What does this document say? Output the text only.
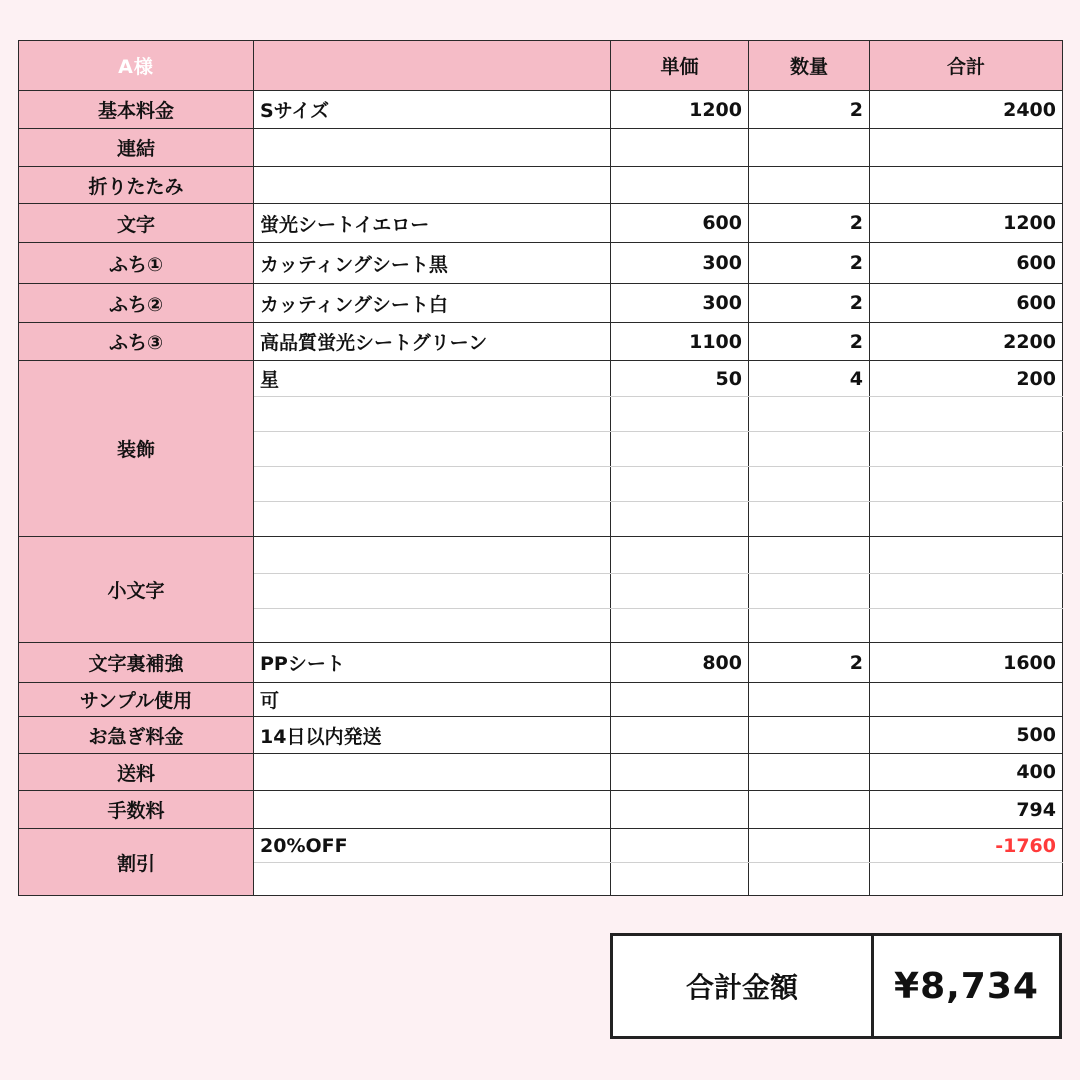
A様		単価	数量	合計
基本料金	Sサイズ	1200	2	2400
連結				
折りたたみ				
文字	蛍光シートイエロー	600	2	1200
ふち①	カッティングシート黒	300	2	600
ふち②	カッティングシート白	300	2	600
ふち③	高品質蛍光シートグリーン	1100	2	2200
装飾	星	50	4	200

小文字				

文字裏補強	PPシート	800	2	1600
サンプル使用	可			
お急ぎ料金	14日以内発送			500
送料				400
手数料				794
割引	20%OFF			-1760

合計金額	¥8,734
